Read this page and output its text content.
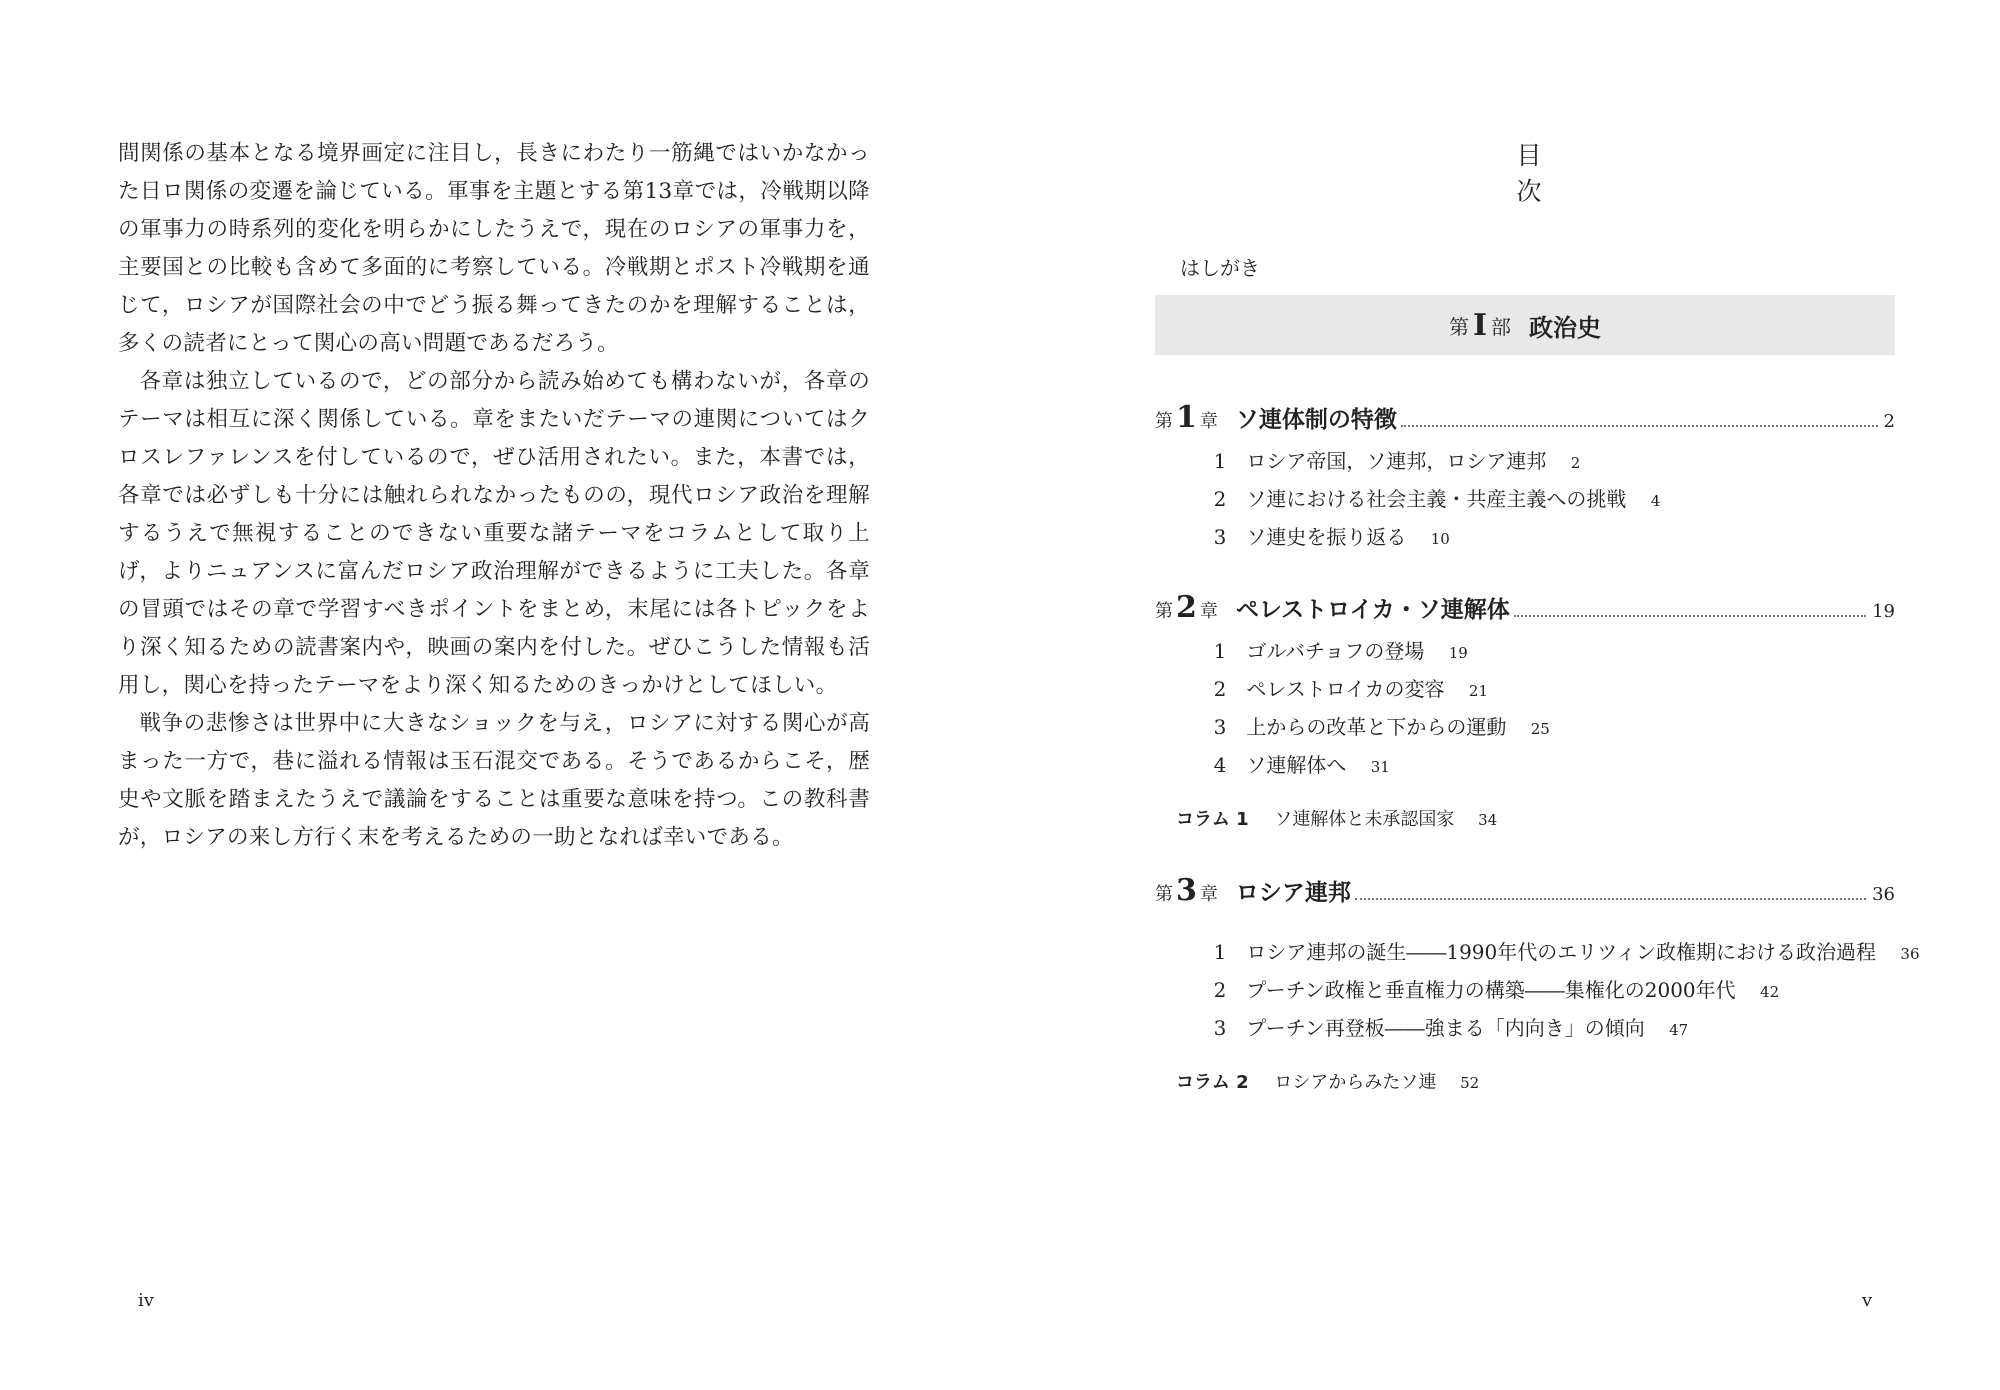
間関係の基本となる境界画定に注目し，長きにわたり一筋縄ではいかなかった日ロ関係の変遷を論じている。軍事を主題とする第13章では，冷戦期以降の軍事力の時系列的変化を明らかにしたうえで，現在のロシアの軍事力を，主要国との比較も含めて多面的に考察している。冷戦期とポスト冷戦期を通じて，ロシアが国際社会の中でどう振る舞ってきたのかを理解することは，多くの読者にとって関心の高い問題であるだろう。

各章は独立しているので，どの部分から読み始めても構わないが，各章のテーマは相互に深く関係している。章をまたいだテーマの連関についてはクロスレファレンスを付しているので，ぜひ活用されたい。また，本書では，各章では必ずしも十分には触れられなかったものの，現代ロシア政治を理解するうえで無視することのできない重要な諸テーマをコラムとして取り上げ，よりニュアンスに富んだロシア政治理解ができるように工夫した。各章の冒頭ではその章で学習すべきポイントをまとめ，末尾には各トピックをより深く知るための読書案内や，映画の案内を付した。ぜひこうした情報も活用し，関心を持ったテーマをより深く知るためのきっかけとしてほしい。

戦争の悲惨さは世界中に大きなショックを与え，ロシアに対する関心が高まった一方で，巷に溢れる情報は玉石混交である。そうであるからこそ，歴史や文脈を踏まえたうえで議論をすることは重要な意味を持つ。この教科書が，ロシアの来し方行く末を考えるための一助となれば幸いである。

iv
目 次
はしがき
第 I 部 政治史
第 1 章 ソ連体制の特徴	2
1 ロシア帝国，ソ連邦，ロシア連邦 2
2 ソ連における社会主義・共産主義への挑戦 4
3 ソ連史を振り返る 10
第 2 章 ペレストロイカ・ソ連解体	19
1 ゴルバチョフの登場 19
2 ペレストロイカの変容 21
3 上からの改革と下からの運動 25
4 ソ連解体へ 31
コラム 1 ソ連解体と未承認国家 34
第 3 章 ロシア連邦	36
1 ロシア連邦の誕生――1990年代のエリツィン政権期における政治過程 36
2 プーチン政権と垂直権力の構築――集権化の2000年代 42
3 プーチン再登板――強まる「内向き」の傾向 47
コラム 2 ロシアからみたソ連 52
v
